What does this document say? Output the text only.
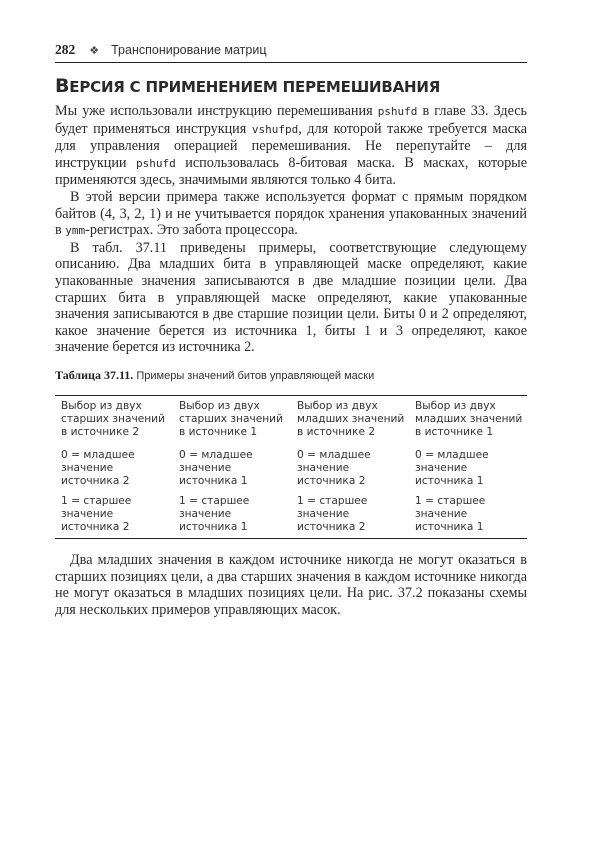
282 ❖ Транспонирование матриц
ВЕРСИЯ С ПРИМЕНЕНИЕМ ПЕРЕМЕШИВАНИЯ

Мы уже использовали инструкцию перемешивания pshufd в главе 33. Здесь будет применяться инструкция vshufpd, для которой также требуется маска для управления операцией перемешивания. Не перепутайте – для инструкции pshufd использовалась 8-битовая маска. В масках, которые применяются здесь, значимыми являются только 4 бита.

В этой версии примера также используется формат с прямым порядком байтов (4, 3, 2, 1) и не учитывается порядок хранения упакованных значений в ymm-регистрах. Это забота процессора.

В табл. 37.11 приведены примеры, соответствующие следующему описанию. Два младших бита в управляющей маске определяют, какие упакованные значения записываются в две младшие позиции цели. Два старших бита в управляющей маске определяют, какие упакованные значения записываются в две старшие позиции цели. Биты 0 и 2 определяют, какое значение берется из источника 1, биты 1 и 3 определяют, какое значение берется из источника 2.

Таблица 37.11. Примеры значений битов управляющей маски
Выбор из двух старших значений в источнике 2	Выбор из двух старших значений в источнике 1	Выбор из двух младших значений в источнике 2	Выбор из двух младших значений в источнике 1
0 = младшее значение источника 2	0 = младшее значение источника 1	0 = младшее значение источника 2	0 = младшее значение источника 1
1 = старшее значение источника 2	1 = старшее значение источника 1	1 = старшее значение источника 2	1 = старшее значение источника 1

Два младших значения в каждом источнике никогда не могут оказаться в старших позициях цели, а два старших значения в каждом источнике никогда не могут оказаться в младших позициях цели. На рис. 37.2 показаны схемы для нескольких примеров управляющих масок.
